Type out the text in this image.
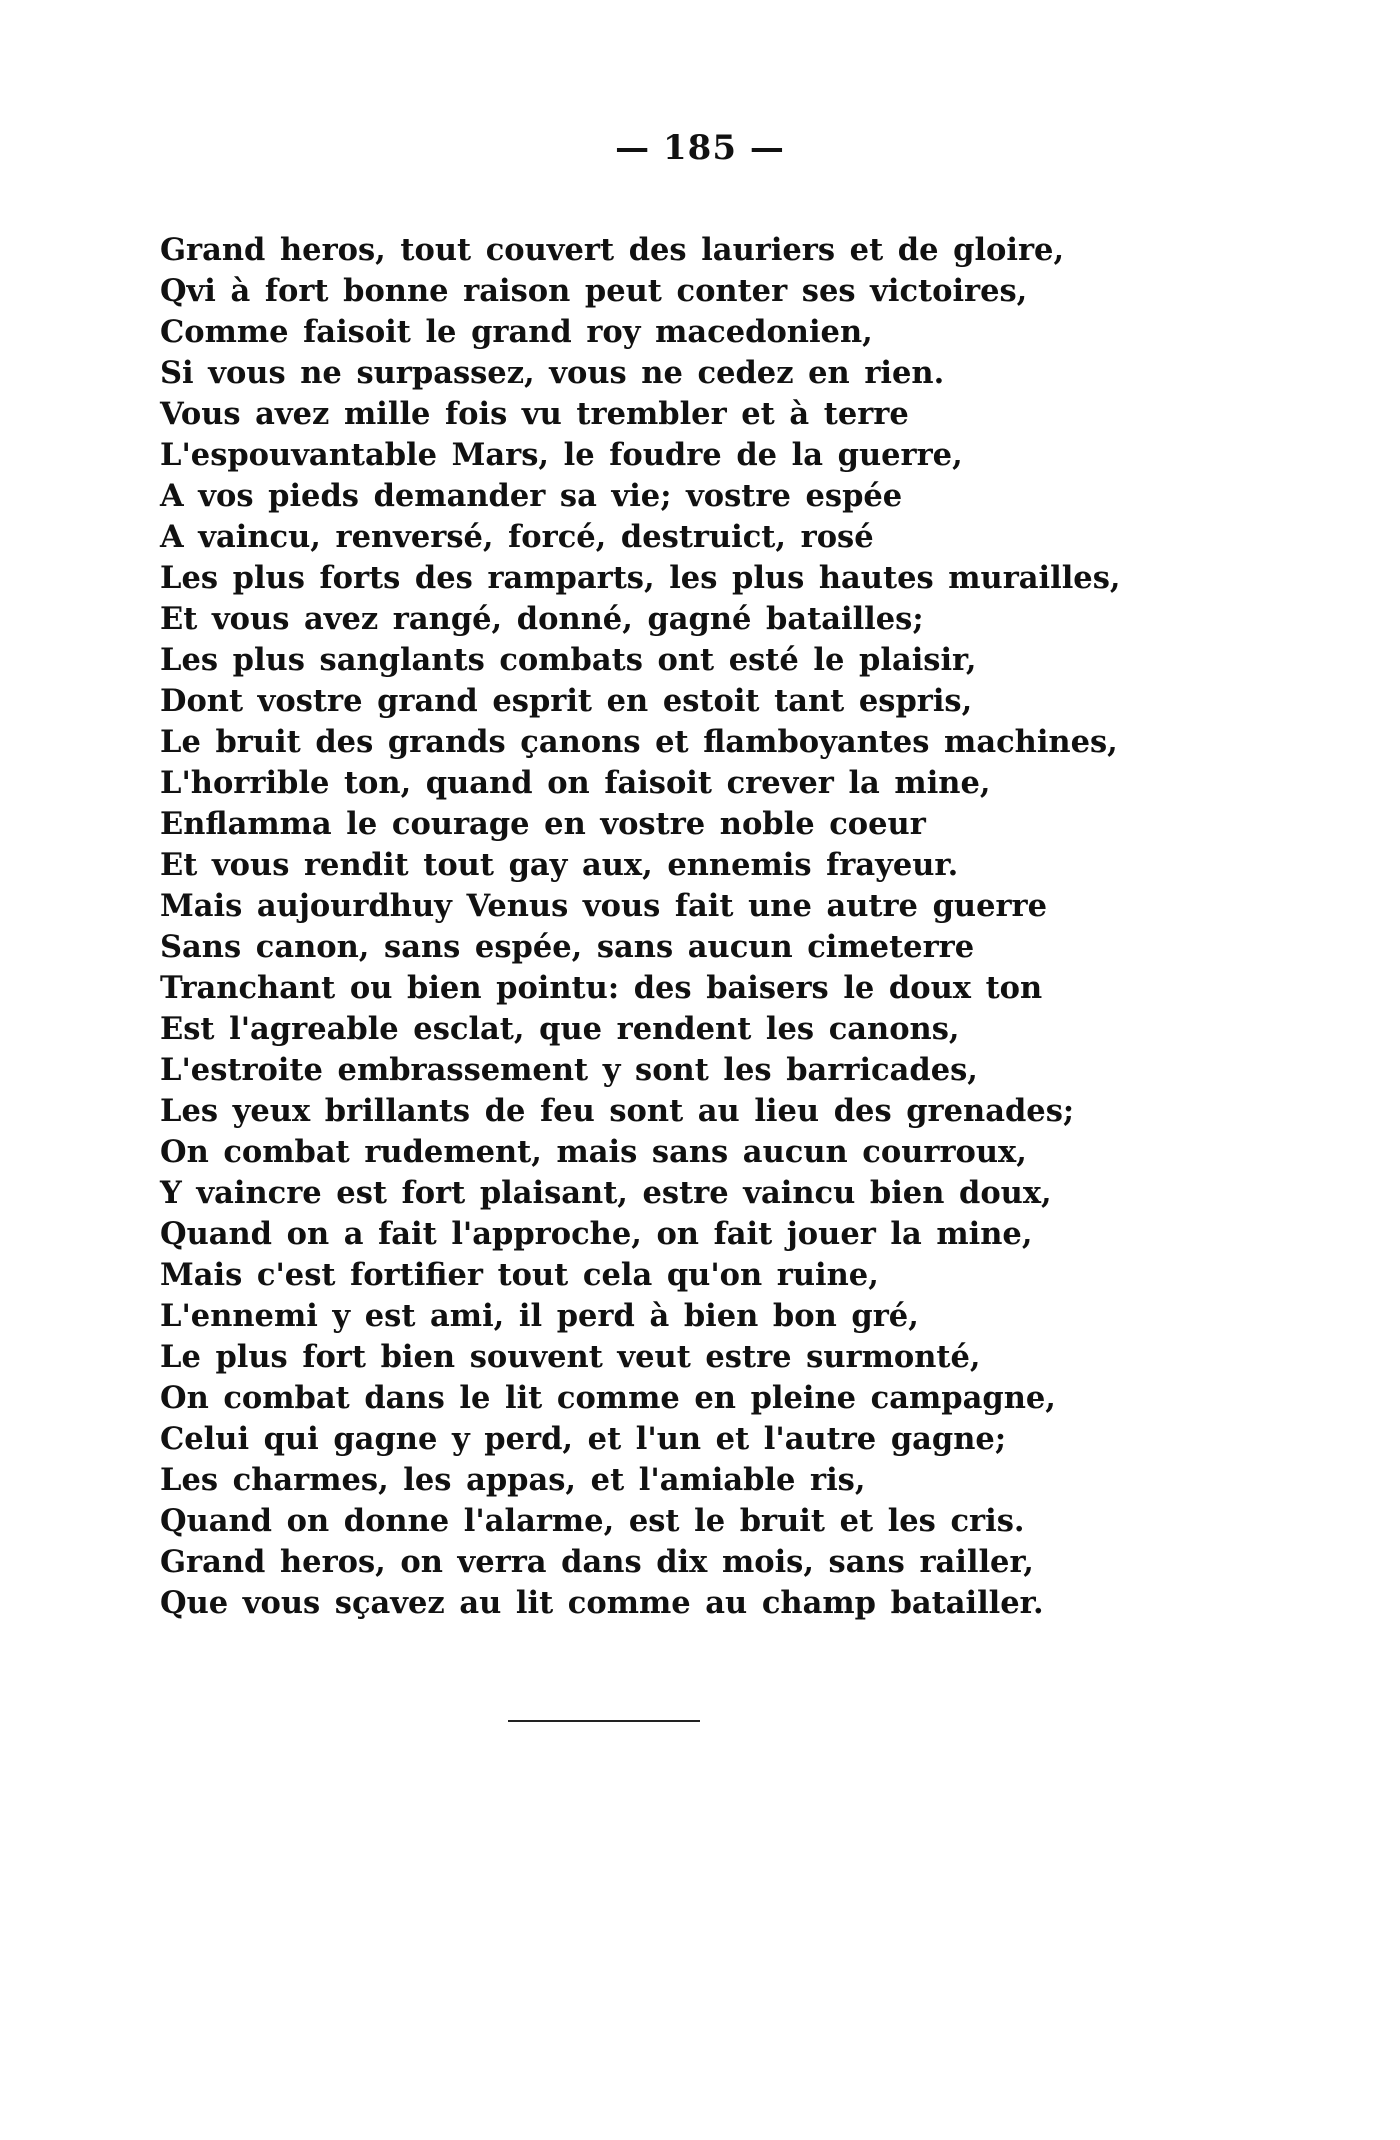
— 185 —
Grand heros, tout couvert des lauriers et de gloire,
Qvi à fort bonne raison peut conter ses victoires,
Comme faisoit le grand roy macedonien,
Si vous ne surpassez, vous ne cedez en rien.
Vous avez mille fois vu trembler et à terre
L'espouvantable Mars, le foudre de la guerre,
A vos pieds demander sa vie; vostre espée
A vaincu, renversé, forcé, destruict, rosé
Les plus forts des ramparts, les plus hautes murailles,
Et vous avez rangé, donné, gagné batailles;
Les plus sanglants combats ont esté le plaisir,
Dont vostre grand esprit en estoit tant espris,
Le bruit des grands çanons et flamboyantes machines,
L'horrible ton, quand on faisoit crever la mine,
Enflamma le courage en vostre noble coeur
Et vous rendit tout gay aux, ennemis frayeur.
Mais aujourdhuy Venus vous fait une autre guerre
Sans canon, sans espée, sans aucun cimeterre
Tranchant ou bien pointu: des baisers le doux ton
Est l'agreable esclat, que rendent les canons,
L'estroite embrassement y sont les barricades,
Les yeux brillants de feu sont au lieu des grenades;
On combat rudement, mais sans aucun courroux,
Y vaincre est fort plaisant, estre vaincu bien doux,
Quand on a fait l'approche, on fait jouer la mine,
Mais c'est fortifier tout cela qu'on ruine,
L'ennemi y est ami, il perd à bien bon gré,
Le plus fort bien souvent veut estre surmonté,
On combat dans le lit comme en pleine campagne,
Celui qui gagne y perd, et l'un et l'autre gagne;
Les charmes, les appas, et l'amiable ris,
Quand on donne l'alarme, est le bruit et les cris.
Grand heros, on verra dans dix mois, sans railler,
Que vous sçavez au lit comme au champ batailler.
